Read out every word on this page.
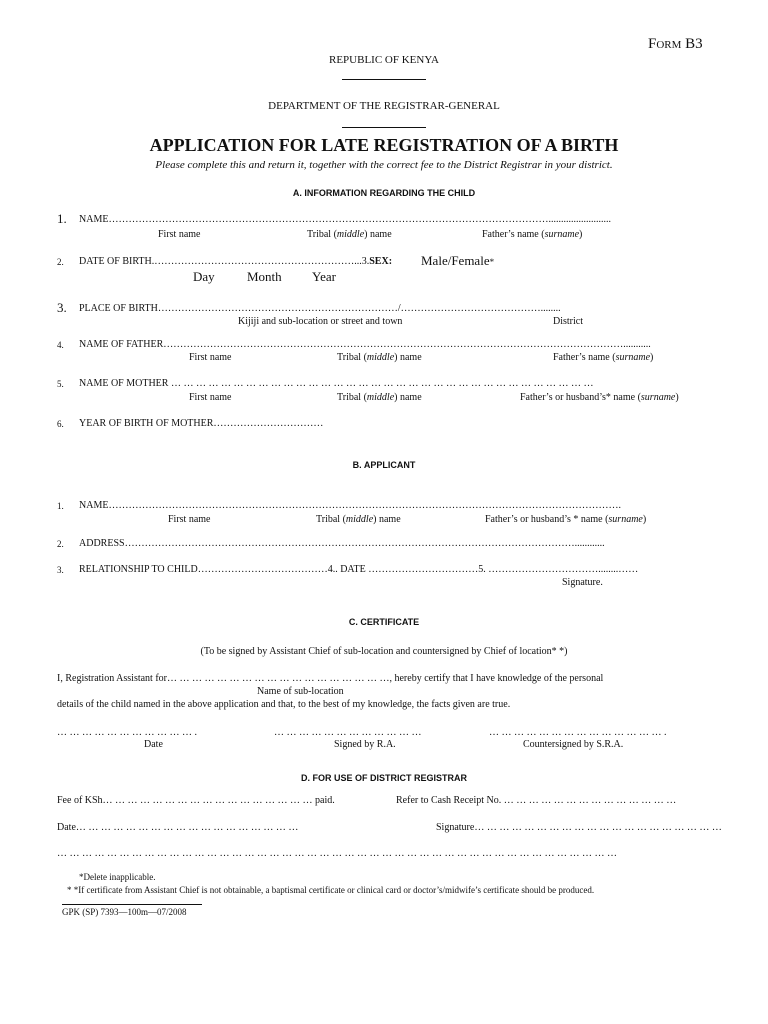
FORM B3
REPUBLIC OF KENYA
DEPARTMENT OF THE REGISTRAR-GENERAL
APPLICATION FOR LATE REGISTRATION OF A BIRTH
Please complete this and return it, together with the correct fee to the District Registrar in your district.
A. INFORMATION REGARDING THE CHILD
1. NAME…………………………………………………………………………………………………………………….........................
First name	Tribal (middle) name	Father’s name (surname)
2. DATE OF BIRTH.……………………………………………………...3.SEX: Male/Female*
Day Month Year
3. PLACE OF BIRTH………………………………………………………………/……………………………………........
Kijiji and sub-location or street and town	District
4. NAME OF FATHER…………………………………………………………………………………………………………………………...........
First name	Tribal (middle) name	Father’s name (surname)
5. NAME OF MOTHER … … … … … … … … … … … … … … … … … … … … … … … … … … … … … … … … … …
First name	Tribal (middle) name	Father’s or husband’s* name (surname)
6. YEAR OF BIRTH OF MOTHER……………………………
B. APPLICANT
1. NAME……………………………………………………………………………………………………………………………………….
First name	Tribal (middle) name	Father’s or husband’s * name (surname)
2. ADDRESS………………………………………………………………………………………………………………………............
3. RELATIONSHIP TO CHILD…………………………………4.. DATE ……………………………5. ……………………………........……
Signature.
C. CERTIFICATE
(To be signed by Assistant Chief of sub-location and countersigned by Chief of location* *)
I, Registration Assistant for… … … … … … … … … … … … … … … … … …, hereby certify that I have knowledge of the personal
Name of sub-location
details of the child named in the above application and that, to the best of my knowledge, the facts given are true.
… … … … … … … … … … … .	… … … … … … … … … … … …	… … … … … … … … … … … … … … .
Date	Signed by R.A.	Countersigned by S.R.A.
D. FOR USE OF DISTRICT REGISTRAR
Fee of KSh… … … … … … … … … … … … … … … … … paid.	Refer to Cash Receipt No. … … … … … … … … … … … … … …
Date… … … … … … … … … … … … … … … … … …	Signature… … … … … … … … … … … … … … … … … … … …
… … … … … … … … … … … … … … … … … … … … … … … … … … … … … … … … … … … … … … … … … … … … …
*Delete inapplicable.
* *If certificate from Assistant Chief is not obtainable, a baptismal certificate or clinical card or doctor’s/midwife’s certificate should be produced.
GPK (SP) 7393—100m—07/2008
